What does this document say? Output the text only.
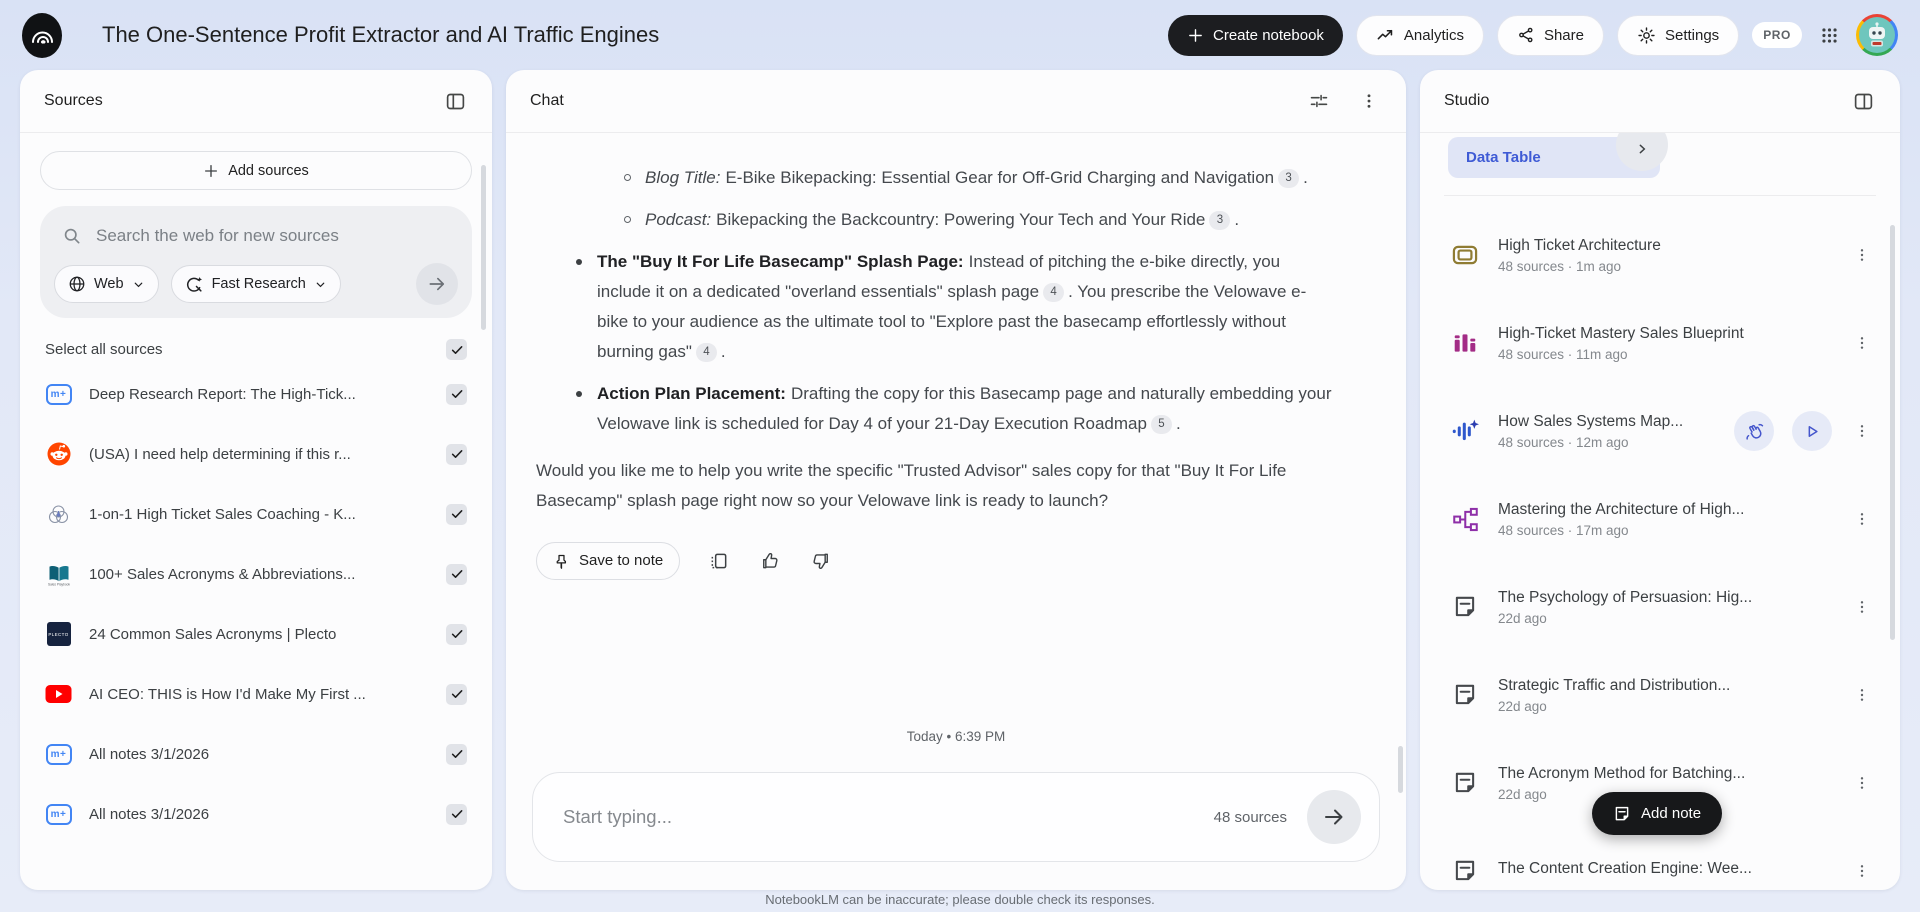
The One-Sentence Profit Extractor and AI Traffic Engines	Create notebook	Analytics	Share	Settings	PRO
Sources
Add sources
Search the web for new sources
Web	Fast Research
Select all sources
m+	Deep Research Report: The High-Tick...
(USA) I need help determining if this r...
1-on-1 High Ticket Sales Coaching - K...
Sales Playbook
100+ Sales Acronyms & Abbreviations...
PLECTO 24 Common Sales Acronyms | Plecto
AI CEO: THIS is How I'd Make My First ...
m+	All notes 3/1/2026
m+	All notes 3/1/2026
Chat
Blog Title: E-Bike Bikepacking: Essential Gear for Off-Grid Charging and Navigation 3 .
Podcast: Bikepacking the Backcountry: Powering Your Tech and Your Ride 3 .
The "Buy It For Life Basecamp" Splash Page: Instead of pitching the e-bike directly, you include it on a dedicated "overland essentials" splash page 4 . You prescribe the Velowave e-bike to your audience as the ultimate tool to "Explore past the basecamp effortlessly without burning gas" 4 .
Action Plan Placement: Drafting the copy for this Basecamp page and naturally embedding your Velowave link is scheduled for Day 4 of your 21-Day Execution Roadmap 5 .
Would you like me to help you write the specific "Trusted Advisor" sales copy for that "Buy It For Life Basecamp" splash page right now so your Velowave link is ready to launch?
Save to note
Today • 6:39 PM
Start typing...	48 sources
Studio
Data Table
High Ticket Architecture
48 sources · 1m ago
High-Ticket Mastery Sales Blueprint
48 sources · 11m ago
How Sales Systems Map...
48 sources · 12m ago
Mastering the Architecture of High...
48 sources · 17m ago
The Psychology of Persuasion: Hig...
22d ago
Strategic Traffic and Distribution...
22d ago
The Acronym Method for Batching...
22d ago
The Content Creation Engine: Wee...
Add note
NotebookLM can be inaccurate; please double check its responses.
